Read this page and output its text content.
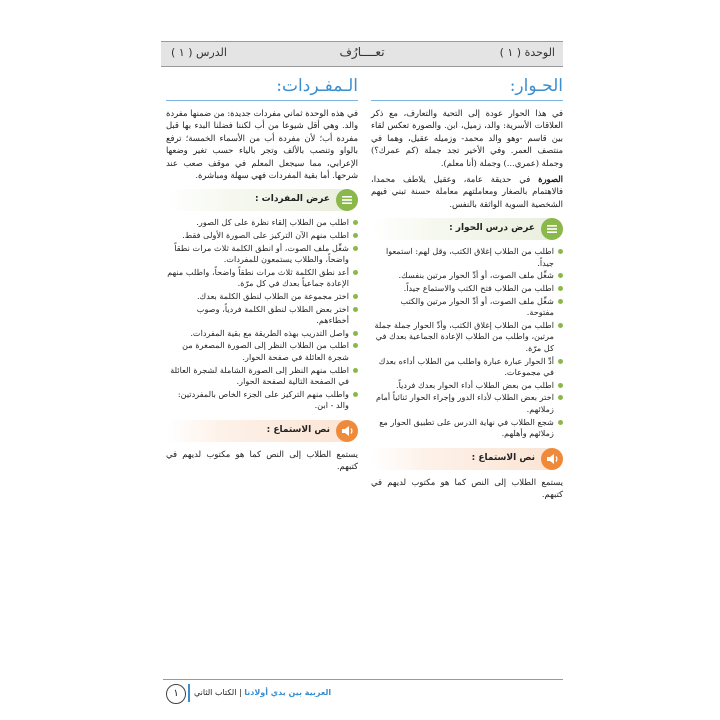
الوحدة ( ١ )
تعــــارُف
الدرس ( ١ )
الحـوار:

في هذا الحوار عودة إلى التحية والتعارف، مع ذكر العلاقات الأسرية: والد، زميل، ابن. والصورة تعكس لقاء بين قاسم -وهو والد محمد- وزميله عقيل، وهما في منتصف العمر. وفي الأخير تجد جملة (كم عمرك؟) وجملة (عمري...) وجملة (أنا معلم).

الصورة في حديقة عامة، وعقيل يلاطف محمدا، فالاهتمام بالصغار ومعاملتهم معاملة حسنة تبني فيهم الشخصية السوية الواثقة بالنفس.

عرض درس الحوار :
اطلب من الطلاب إغلاق الكتب، وقل لهم: استمعوا جيداً.
شغِّل ملف الصوت، أو أدِّ الحوار مرتين بنفسك.
اطلب من الطلاب فتح الكتب والاستماع جيداً.
شغِّل ملف الصوت، أو أدِّ الحوار مرتين والكتب مفتوحة.
اطلب من الطلاب إغلاق الكتب، وأدِّ الحوار جملة جملة مرتين، واطلب من الطلاب الإعادة الجماعية بعدك في كل مرّة.
أدِّ الحوار عبارة عبارة واطلب من الطلاب أداءه بعدك في مجموعات.
اطلب من بعض الطلاب أداء الحوار بعدك فردياً.
اختر بعض الطلاب لأداء الدور وإجراء الحوار ثنائياً أمام زملائهم.
شجع الطلاب في نهاية الدرس على تطبيق الحوار مع زملائهم وأهلهم.
نص الاستماع :

يستمع الطلاب إلى النص كما هو مكتوب لديهم في كتبهم.

الـمفـردات:

في هذه الوحدة ثماني مفردات جديدة: من ضمنها مفردة والد. وهي أقل شيوعا من أب لكننا فضلنا البدء بها قبل مفردة أب؛ لأن مفردة أب من الأسماء الخمسة؛ ترفع بالواو وتنصب بالألف وتجر بالياء حسب تغير وضعها الإعرابي، مما سيجعل المعلم في موقف صعب عند شرحها. أما بقية المفردات فهي سهلة ومباشرة.

عرض المفردات :
اطلب من الطلاب إلقاء نظرة على كل الصور.
اطلب منهم الآن التركيز على الصورة الأولى فقط.
شغِّل ملف الصوت، أو انطق الكلمة ثلاث مرات نطقاً واضحاً، والطلاب يستمعون للمفردات.
أعد نطق الكلمة ثلاث مرات نطقاً واضحاً، واطلب منهم الإعادة جماعياً بعدك في كل مرّة.
اختر مجموعة من الطلاب لنطق الكلمة بعدك.
اختر بعض الطلاب لنطق الكلمة فردياً، وصوب أخطاءهم.
واصل التدريب بهذه الطريقة مع بقية المفردات.
اطلب من الطلاب النظر إلى الصورة المصغرة من شجرة العائلة في صفحة الحوار.
اطلب منهم النظر إلى الصورة الشاملة لشجرة العائلة في الصفحة التالية لصفحة الحوار.
واطلب منهم التركيز على الجزء الخاص بالمفردتين: والد - ابن.
نص الاستماع :

يستمع الطلاب إلى النص كما هو مكتوب لديهم في كتبهم.

١	العربية بين يدي أولادنا | الكتاب الثاني
